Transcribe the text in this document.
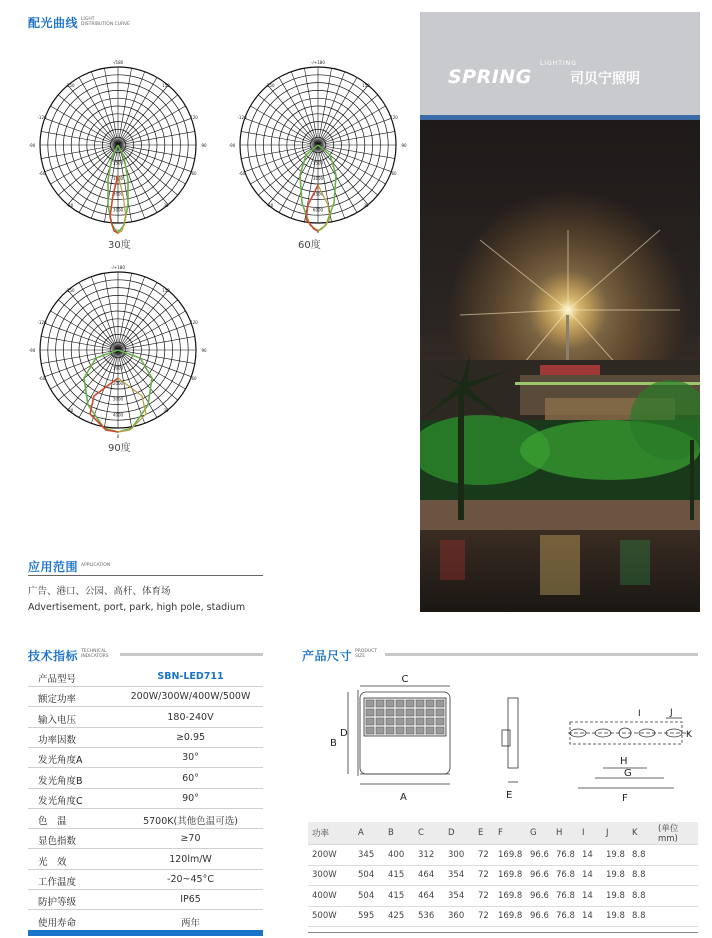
配光曲线 LIGHT
DISTRIBUTION CURVE
-/180
-150	150
-120	120
-90	90
-60	60
-30	30
0
1500
1800
3000
3000
30度
-/+180
-150	150
-120	120
-90	90
-60	60
-30	30
0
1500
3000
4500
6000
60度
-/+180
-150	150
-120	120
-90	90
-60	60
-30	30
0
1000
2000
3000
4000
90度
LIGHTING
SPRING	司贝宁照明
应用范围 APPLICATION
广告、港口、公园、高杆、体育场
Advertisement, port, park, high pole, stadium
技术指标 TECHNICAL
INDICATORS
产品型号	SBN-LED711
额定功率	200W/300W/400W/500W
输入电压	180-240V
功率因数	≥0.95
发光角度A	30°
发光角度B	60°
发光角度C	90°
色　温	5700K(其他色温可选)
显色指数	≥70
光　效	120lm/W
工作温度	-20~45°C
防护等级	IP65
使用寿命	两年
产品尺寸 PRODUCT
SIZE
C
B
D
A	E
I	J
K
H
G
F
功率	A	B	C	D	E	F	G	H	I	J	K	(单位mm)
200W	345	400	312	300	72	169.8	96.6	76.8	14	19.8	8.8	
300W	504	415	464	354	72	169.8	96.6	76.8	14	19.8	8.8	
400W	504	415	464	354	72	169.8	96.6	76.8	14	19.8	8.8	
500W	595	425	536	360	72	169.8	96.6	76.8	14	19.8	8.8	
